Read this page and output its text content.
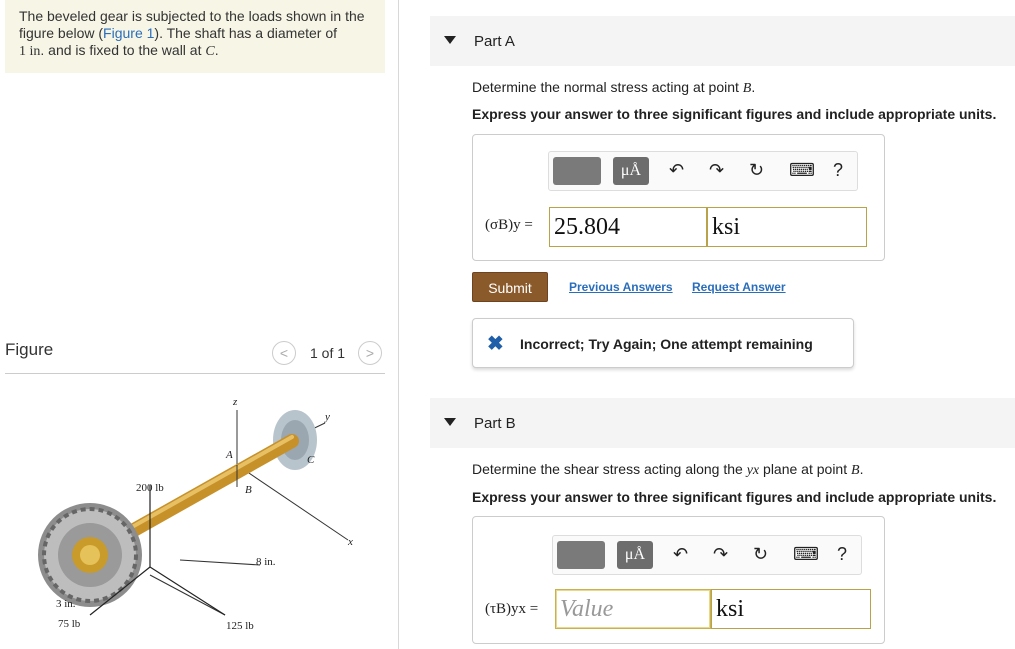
The beveled gear is subjected to the loads shown in the
figure below (Figure 1). The shaft has a diameter of
1 in. and is fixed to the wall at C.
Figure	<	1 of 1	>
z
y
x
C
A
B
8 in.
200 lb
75 lb
3 in.
125 lb
Part A
Determine the normal stress acting at point B.
Express your answer to three significant figures and include appropriate units.
μÅ	↶ ↷ ↻ ⌨ ?
(σB)y = 25.804	ksi
Submit	Previous Answers Request Answer
✖ Incorrect; Try Again; One attempt remaining
Part B
Determine the shear stress acting along the yx plane at point B.
Express your answer to three significant figures and include appropriate units.
μÅ	↶ ↷ ↻ ⌨ ?
(τB)yx = Value	ksi
